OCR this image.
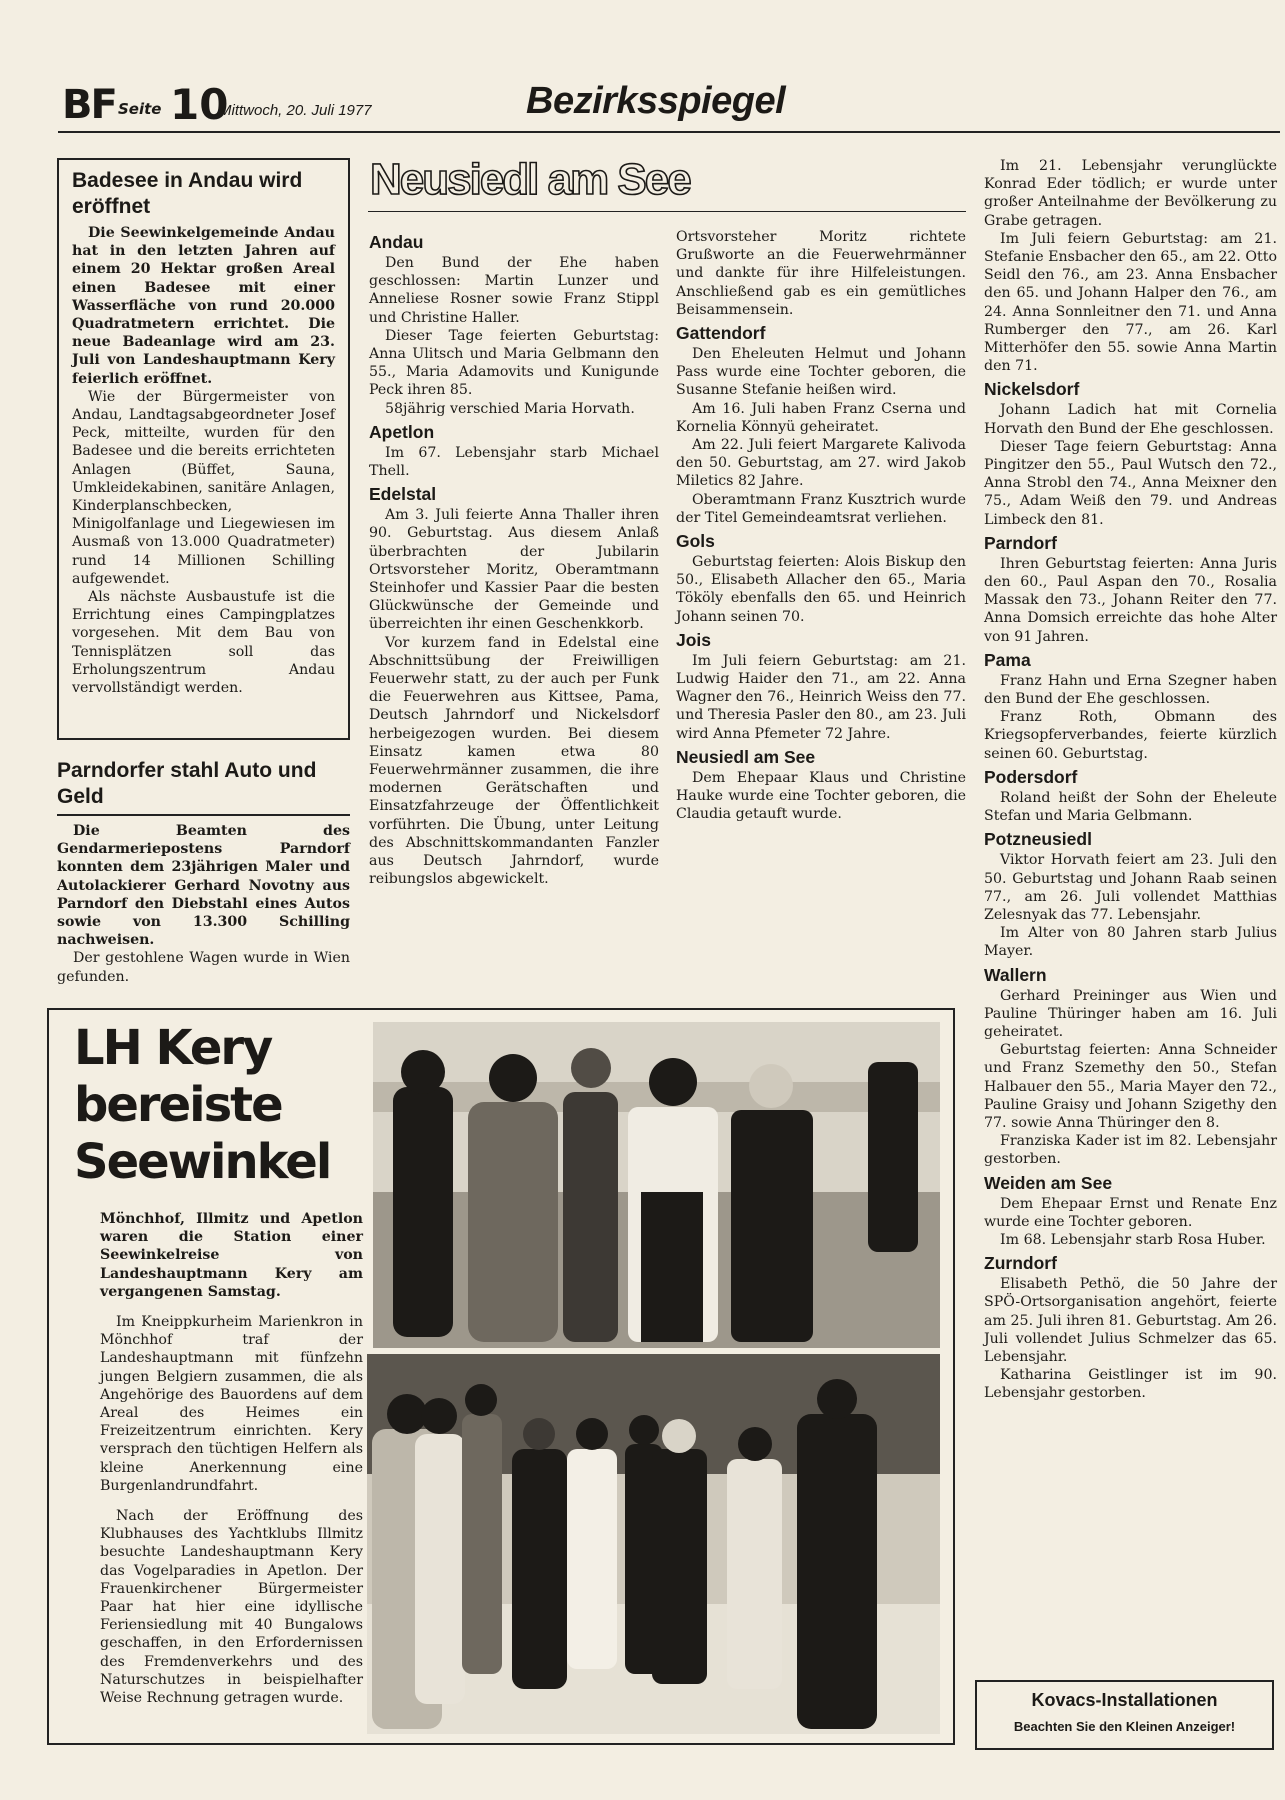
BF Seite 10
Mittwoch, 20. Juli 1977	Bezirksspiegel
Badesee in Andau wird eröffnet

Die Seewinkelgemeinde Andau hat in den letzten Jahren auf einem 20 Hektar großen Areal einen Badesee mit einer Wasserfläche von rund 20.000 Quadratmetern errichtet. Die neue Badeanlage wird am 23. Juli von Landeshauptmann Kery feierlich eröffnet.

Wie der Bürgermeister von Andau, Landtagsabgeordneter Josef Peck, mitteilte, wurden für den Badesee und die bereits errichteten Anlagen (Büffet, Sauna, Umkleidekabinen, sanitäre Anlagen, Kinderplanschbecken, Minigolfanlage und Liegewiesen im Ausmaß von 13.000 Quadratmeter) rund 14 Millionen Schilling aufgewendet.

Als nächste Ausbaustufe ist die Errichtung eines Campingplatzes vorgesehen. Mit dem Bau von Tennisplätzen soll das Erholungszentrum Andau vervollständigt werden.

Parndorfer stahl Auto und Geld

Die Beamten des Gendarmeriepostens Parndorf konnten dem 23jährigen Maler und Autolackierer Gerhard Novotny aus Parndorf den Diebstahl eines Autos sowie von 13.300 Schilling nachweisen.

Der gestohlene Wagen wurde in Wien gefunden.

Neusiedl am See
Andau

Den Bund der Ehe haben geschlossen: Martin Lunzer und Anneliese Rosner sowie Franz Stippl und Christine Haller.

Dieser Tage feierten Geburtstag: Anna Ulitsch und Maria Gelbmann den 55., Maria Adamovits und Kunigunde Peck ihren 85.

58jährig verschied Maria Horvath.

Apetlon

Im 67. Lebensjahr starb Michael Thell.

Edelstal

Am 3. Juli feierte Anna Thaller ihren 90. Geburtstag. Aus diesem Anlaß überbrachten der Jubilarin Ortsvorsteher Moritz, Oberamtmann Steinhofer und Kassier Paar die besten Glückwünsche der Gemeinde und überreichten ihr einen Geschenkkorb.

Vor kurzem fand in Edelstal eine Abschnittsübung der Freiwilligen Feuerwehr statt, zu der auch per Funk die Feuerwehren aus Kittsee, Pama, Deutsch Jahrndorf und Nickelsdorf herbeigezogen wurden. Bei diesem Einsatz kamen etwa 80 Feuerwehrmänner zusammen, die ihre modernen Gerätschaften und Einsatzfahrzeuge der Öffentlichkeit vorführten. Die Übung, unter Leitung des Abschnittskommandanten Fanzler aus Deutsch Jahrndorf, wurde reibungslos abgewickelt.

Ortsvorsteher Moritz richtete Grußworte an die Feuerwehrmänner und dankte für ihre Hilfeleistungen. Anschließend gab es ein gemütliches Beisammensein.

Gattendorf

Den Eheleuten Helmut und Johann Pass wurde eine Tochter geboren, die Susanne Stefanie heißen wird.

Am 16. Juli haben Franz Cserna und Kornelia Könnyü geheiratet.

Am 22. Juli feiert Margarete Kalivoda den 50. Geburtstag, am 27. wird Jakob Miletics 82 Jahre.

Oberamtmann Franz Kusztrich wurde der Titel Gemeindeamtsrat verliehen.

Gols

Geburtstag feierten: Alois Biskup den 50., Elisabeth Allacher den 65., Maria Tököly ebenfalls den 65. und Heinrich Johann seinen 70.

Jois

Im Juli feiern Geburtstag: am 21. Ludwig Haider den 71., am 22. Anna Wagner den 76., Heinrich Weiss den 77. und Theresia Pasler den 80., am 23. Juli wird Anna Pfemeter 72 Jahre.

Neusiedl am See

Dem Ehepaar Klaus und Christine Hauke wurde eine Tochter geboren, die Claudia getauft wurde.

Im 21. Lebensjahr verunglückte Konrad Eder tödlich; er wurde unter großer Anteilnahme der Bevölkerung zu Grabe getragen.

Im Juli feiern Geburtstag: am 21. Stefanie Ensbacher den 65., am 22. Otto Seidl den 76., am 23. Anna Ensbacher den 65. und Johann Halper den 76., am 24. Anna Sonnleitner den 71. und Anna Rumberger den 77., am 26. Karl Mitterhöfer den 55. sowie Anna Martin den 71.

Nickelsdorf

Johann Ladich hat mit Cornelia Horvath den Bund der Ehe geschlossen.

Dieser Tage feiern Geburtstag: Anna Pingitzer den 55., Paul Wutsch den 72., Anna Strobl den 74., Anna Meixner den 75., Adam Weiß den 79. und Andreas Limbeck den 81.

Parndorf

Ihren Geburtstag feierten: Anna Juris den 60., Paul Aspan den 70., Rosalia Massak den 73., Johann Reiter den 77. Anna Domsich erreichte das hohe Alter von 91 Jahren.

Pama

Franz Hahn und Erna Szegner haben den Bund der Ehe geschlossen.

Franz Roth, Obmann des Kriegsopferverbandes, feierte kürzlich seinen 60. Geburtstag.

Podersdorf

Roland heißt der Sohn der Eheleute Stefan und Maria Gelbmann.

Potzneusiedl

Viktor Horvath feiert am 23. Juli den 50. Geburtstag und Johann Raab seinen 77., am 26. Juli vollendet Matthias Zelesnyak das 77. Lebensjahr.

Im Alter von 80 Jahren starb Julius Mayer.

Wallern

Gerhard Preininger aus Wien und Pauline Thüringer haben am 16. Juli geheiratet.

Geburtstag feierten: Anna Schneider und Franz Szemethy den 50., Stefan Halbauer den 55., Maria Mayer den 72., Pauline Graisy und Johann Szigethy den 77. sowie Anna Thüringer den 8.

Franziska Kader ist im 82. Lebensjahr gestorben.

Weiden am See

Dem Ehepaar Ernst und Renate Enz wurde eine Tochter geboren.

Im 68. Lebensjahr starb Rosa Huber.

Zurndorf

Elisabeth Pethö, die 50 Jahre der SPÖ-Ortsorganisation angehört, feierte am 25. Juli ihren 81. Geburtstag. Am 26. Juli vollendet Julius Schmelzer das 65. Lebensjahr.

Katharina Geistlinger ist im 90. Lebensjahr gestorben.

LH Kery
bereiste
Seewinkel

Mönchhof, Illmitz und Apetlon waren die Station einer Seewinkelreise von Landeshauptmann Kery am vergangenen Samstag.

Im Kneippkurheim Marienkron in Mönchhof traf der Landeshauptmann mit fünfzehn jungen Belgiern zusammen, die als Angehörige des Bauordens auf dem Areal des Heimes ein Freizeitzentrum einrichten. Kery versprach den tüchtigen Helfern als kleine Anerkennung eine Burgenlandrundfahrt.

Nach der Eröffnung des Klubhauses des Yachtklubs Illmitz besuchte Landeshauptmann Kery das Vogelparadies in Apetlon. Der Frauenkirchener Bürgermeister Paar hat hier eine idyllische Feriensiedlung mit 40 Bungalows geschaffen, in den Erfordernissen des Fremdenverkehrs und des Naturschutzes in beispielhafter Weise Rechnung getragen wurde.	Kovacs-Installationen
Beachten Sie den Kleinen Anzeiger!
